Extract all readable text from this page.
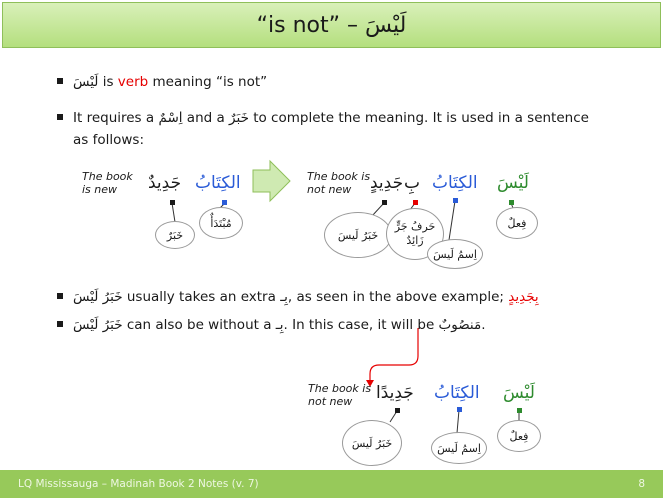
“is not” – لَيْسَ
لَيْسَ is verb meaning “is not”
It requires a اِسْمٌ and a خَبَرٌ to complete the meaning. It is used in a sentence
as follows:
The book
is new	جَدِيدٌ الكِتَابُ
خَبَرٌ
مُبْتَدَأٌ
The book is
not new	جَدِيدٍ بِ الكِتَابُ لَيْسَ
خَبَرُ لَيسَ
حَرفُ جَرٍّ
زَائِدٌ
اِسمُ لَيسَ
فِعلٌ
خَبَرُ لَيْسَ usually takes an extra بِـ, as seen in the above example; بِجَدِيدٍ
خَبَرُ لَيْسَ can also be without a بِـ. In this case, it will be مَنصُوبٌ.
The book is
not new	جَدِيدًا الكِتَابُ لَيْسَ
خَبَرُ لَيسَ	اِسمُ لَيسَ
فِعلٌ
LQ Mississauga – Madinah Book 2 Notes (v. 7)	8
